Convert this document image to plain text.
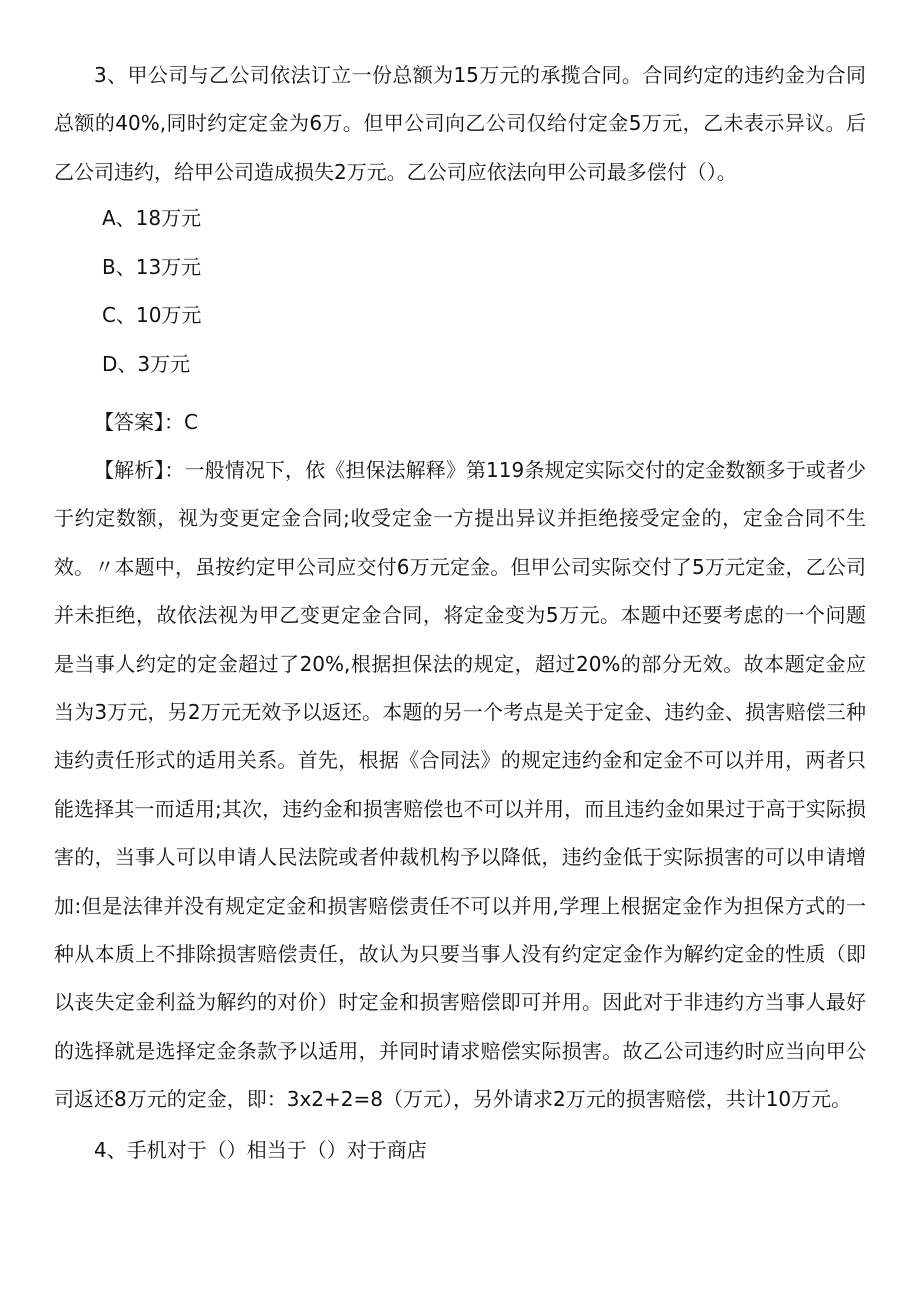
3、甲公司与乙公司依法订立一份总额为15万元的承揽合同。合同约定的违约金为合同总额的40%,同时约定定金为6万。但甲公司向乙公司仅给付定金5万元，乙未表示异议。后乙公司违约，给甲公司造成损失2万元。乙公司应依法向甲公司最多偿付（）。

A、18万元

B、13万元

C、10万元

D、3万元

【答案】：C

【解析】：一般情况下，依《担保法解释》第119条规定实际交付的定金数额多于或者少于约定数额，视为变更定金合同;收受定金一方提出异议并拒绝接受定金的，定金合同不生效。〃本题中，虽按约定甲公司应交付6万元定金。但甲公司实际交付了5万元定金，乙公司并未拒绝，故依法视为甲乙变更定金合同，将定金变为5万元。本题中还要考虑的一个问题是当事人约定的定金超过了20%,根据担保法的规定，超过20%的部分无效。故本题定金应当为3万元，另2万元无效予以返还。本题的另一个考点是关于定金、违约金、损害赔偿三种违约责任形式的适用关系。首先，根据《合同法》的规定违约金和定金不可以并用，两者只能选择其一而适用;其次，违约金和损害赔偿也不可以并用，而且违约金如果过于高于实际损害的，当事人可以申请人民法院或者仲裁机构予以降低，违约金低于实际损害的可以申请增加:但是法律并没有规定定金和损害赔偿责任不可以并用,学理上根据定金作为担保方式的一种从本质上不排除损害赔偿责任，故认为只要当事人没有约定定金作为解约定金的性质（即以丧失定金利益为解约的对价）时定金和损害赔偿即可并用。因此对于非违约方当事人最好的选择就是选择定金条款予以适用，并同时请求赔偿实际损害。故乙公司违约时应当向甲公司返还8万元的定金，即：3x2+2=8（万元），另外请求2万元的损害赔偿，共计10万元。

4、手机对于（）相当于（）对于商店
